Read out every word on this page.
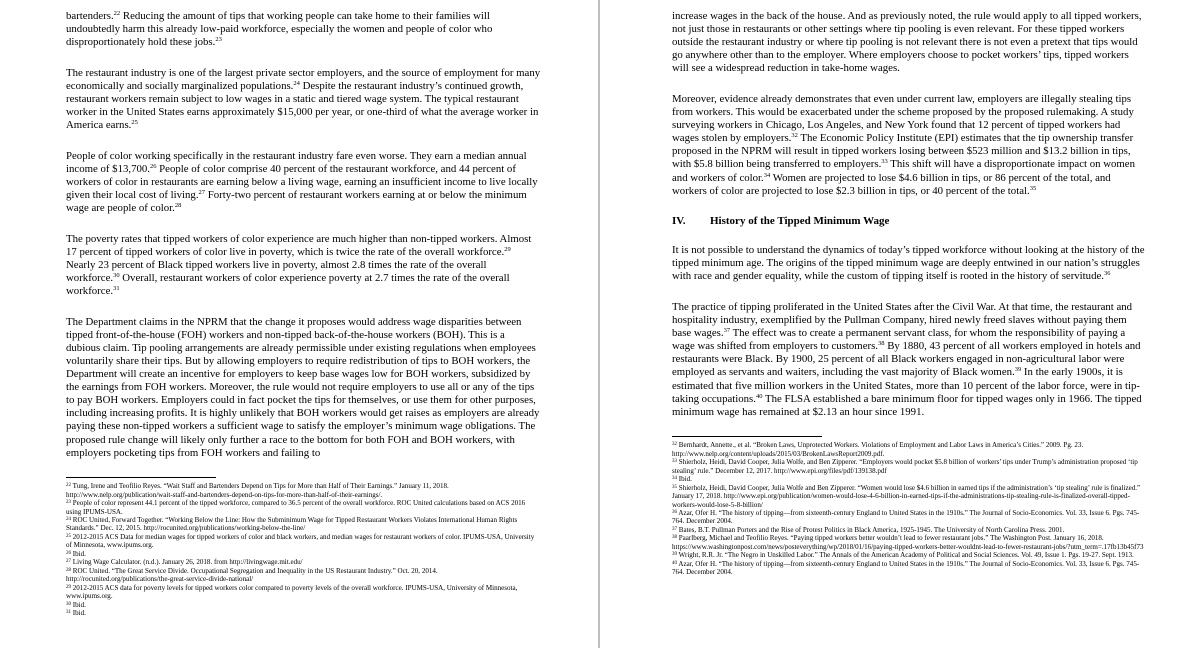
bartenders.$^{22}$ Reducing the amount of tips that working people can take home to their families will undoubtedly harm this already low-paid workforce, especially the women and people of color who disproportionately hold these jobs.$^{23}$

The restaurant industry is one of the largest private sector employers, and the source of employment for many economically and socially marginalized populations.$^{24}$ Despite the restaurant industry’s continued growth, restaurant workers remain subject to low wages in a static and tiered wage system. The typical restaurant worker in the United States earns approximately $15,000 per year, or one-third of what the average worker in America earns.$^{25}$

People of color working specifically in the restaurant industry fare even worse. They earn a median annual income of $13,700.26 People of color comprise 40 percent of the restaurant workforce, and 44 percent of workers of color in restaurants are earning below a living wage, earning an insufficient income to live locally given their local cost of living.$^{27}$ Forty-two percent of restaurant workers earning at or below the minimum wage are people of color.$^{28}$

The poverty rates that tipped workers of color experience are much higher than non-tipped workers. Almost 17 percent of tipped workers of color live in poverty, which is twice the rate of the overall workforce.$^{29}$ Nearly 23 percent of Black tipped workers live in poverty, almost 2.8 times the rate of the overall workforce.$^{30}$ Overall, restaurant workers of color experience poverty at 2.7 times the rate of the overall workforce.$^{31}$

The Department claims in the NPRM that the change it proposes would address wage disparities between tipped front-of-the-house (FOH) workers and non-tipped back-of-the-house workers (BOH). This is a dubious claim. Tip pooling arrangements are already permissible under existing regulations when employees voluntarily share their tips. But by allowing employers to require redistribution of tips to BOH workers, the Department will create an incentive for employers to keep base wages low for BOH workers, subsidized by the earnings from FOH workers. Moreover, the rule would not require employers to use all or any of the tips to pay BOH workers. Employers could in fact pocket the tips for themselves, or use them for other purposes, including increasing profits. It is highly unlikely that BOH workers would get raises as employers are already paying these non-tipped workers a sufficient wage to satisfy the employer’s minimum wage obligations. The proposed rule change will likely only further a race to the bottom for both FOH and BOH workers, with employers pocketing tips from FOH workers and failing to

$^{22}$ Tung, Irene and Teofilio Reyes. “Wait Staff and Bartenders Depend on Tips for More than Half of Their Earnings.” January 11, 2018. http://www.nelp.org/publication/wait-staff-and-bartenders-depend-on-tips-for-more-than-half-of-their-earnings/.

$^{23}$ People of color represent 44.1 percent of the tipped workforce, compared to 36.5 percent of the overall workforce. ROC United calculations based on ACS 2016 using IPUMS-USA.

$^{24}$ ROC United, Forward Together. “Working Below the Line: How the Subminimum Wage for Tipped Restaurant Workers Violates International Human Rights Standards.” Dec. 12, 2015. http://rocunited.org/publications/working-below-the-line/

$^{25}$ 2012-2015 ACS Data for median wages for tipped workers of color and black workers, and median wages for restaurant workers of color. IPUMS-USA, University of Minnesota, www.ipums.org.

$^{26}$ Ibid.

$^{27}$ Living Wage Calculator. (n.d.). January 26, 2018. from http://livingwage.mit.edu/

$^{28}$ ROC United. “The Great Service Divide. Occupational Segregation and Inequality in the US Restaurant Industry.” Oct. 20, 2014. http://rocunited.org/publications/the-great-service-divide-national/

$^{29}$ 2012-2015 ACS data for poverty levels for tipped workers color compared to poverty levels of the overall workforce. IPUMS-USA, University of Minnesota, www.ipums.org.

$^{30}$ Ibid.

$^{31}$ Ibid.

increase wages in the back of the house. And as previously noted, the rule would apply to all tipped workers, not just those in restaurants or other settings where tip pooling is even relevant. For these tipped workers outside the restaurant industry or where tip pooling is not relevant there is not even a pretext that tips would go anywhere other than to the employer. Where employers choose to pocket workers’ tips, tipped workers will see a widespread reduction in take-home wages.

Moreover, evidence already demonstrates that even under current law, employers are illegally stealing tips from workers. This would be exacerbated under the scheme proposed by the proposed rulemaking. A study surveying workers in Chicago, Los Angeles, and New York found that 12 percent of tipped workers had wages stolen by employers.$^{32}$ The Economic Policy Institute (EPI) estimates that the tip ownership transfer proposed in the NPRM will result in tipped workers losing between $523 million and $13.2 billion in tips, with $5.8 billion being transferred to employers.$^{33}$ This shift will have a disproportionate impact on women and workers of color.$^{34}$ Women are projected to lose $4.6 billion in tips, or 86 percent of the total, and workers of color are projected to lose $2.3 billion in tips, or 40 percent of the total.$^{35}$

IV. History of the Tipped Minimum Wage

It is not possible to understand the dynamics of today’s tipped workforce without looking at the history of the tipped minimum age. The origins of the tipped minimum wage are deeply entwined in our nation’s struggles with race and gender equality, while the custom of tipping itself is rooted in the history of servitude.$^{36}$

The practice of tipping proliferated in the United States after the Civil War. At that time, the restaurant and hospitality industry, exemplified by the Pullman Company, hired newly freed slaves without paying them base wages.$^{37}$ The effect was to create a permanent servant class, for whom the responsibility of paying a wage was shifted from employers to customers.$^{38}$ By 1880, 43 percent of all workers employed in hotels and restaurants were Black. By 1900, 25 percent of all Black workers engaged in non-agricultural labor were employed as servants and waiters, including the vast majority of Black women.$^{39}$ In the early 1900s, it is estimated that five million workers in the United States, more than 10 percent of the labor force, were in tip-taking occupations.$^{40}$ The FLSA established a bare minimum floor for tipped wages only in 1966. The tipped minimum wage has remained at $2.13 an hour since 1991.

$^{32}$ Bernhardt, Annette., et al. “Broken Laws, Unprotected Workers. Violations of Employment and Labor Laws in America’s Cities.” 2009. Pg. 23. http://www.nelp.org/content/uploads/2015/03/BrokenLawsReport2009.pdf.

$^{33}$ Shierholz, Heidi, David Cooper, Julia Wolfe, and Ben Zipperer. “Employers would pocket $5.8 billion of workers’ tips under Trump’s administration proposed ‘tip stealing’ rule.” December 12, 2017. http://www.epi.org/files/pdf/139138.pdf

$^{34}$ Ibid.

$^{35}$ Shierholz, Heidi, David Cooper, Julia Wolfe and Ben Zipperer. “Women would lose $4.6 billion in earned tips if the administration’s ‘tip stealing’ rule is finalized.” January 17, 2018. http://www.epi.org/publication/women-would-lose-4-6-billion-in-earned-tips-if-the-administrations-tip-stealing-rule-is-finalized-overall-tipped-workers-would-lose-5-8-billion/

$^{36}$ Azar, Ofer H. “The history of tipping—from sixteenth-century England to United States in the 1910s.” The Journal of Socio-Economics. Vol. 33, Issue 6. Pgs. 745-764. December 2004.

$^{37}$ Bates, B.T. Pullman Porters and the Rise of Protest Politics in Black America, 1925-1945. The University of North Carolina Press. 2001.

$^{38}$ Paarlberg, Michael and Teofilio Reyes. “Paying tipped workers better wouldn’t lead to fewer restaurant jobs.” The Washington Post. January 16, 2018. https://www.washingtonpost.com/news/posteverything/wp/2018/01/16/paying-tipped-workers-better-wouldnt-lead-to-fewer-restaurant-jobs/?utm_term=.17fb13b45f73

$^{39}$ Wright, R.R. Jr. “The Negro in Unskilled Labor.” The Annals of the American Academy of Political and Social Sciences. Vol. 49, Issue 1. Pgs. 19-27. Sept. 1913.

$^{40}$ Azar, Ofer H. “The history of tipping—from sixteenth-century England to United States in the 1910s.” The Journal of Socio-Economics. Vol. 33, Issue 6. Pgs. 745-764. December 2004.
